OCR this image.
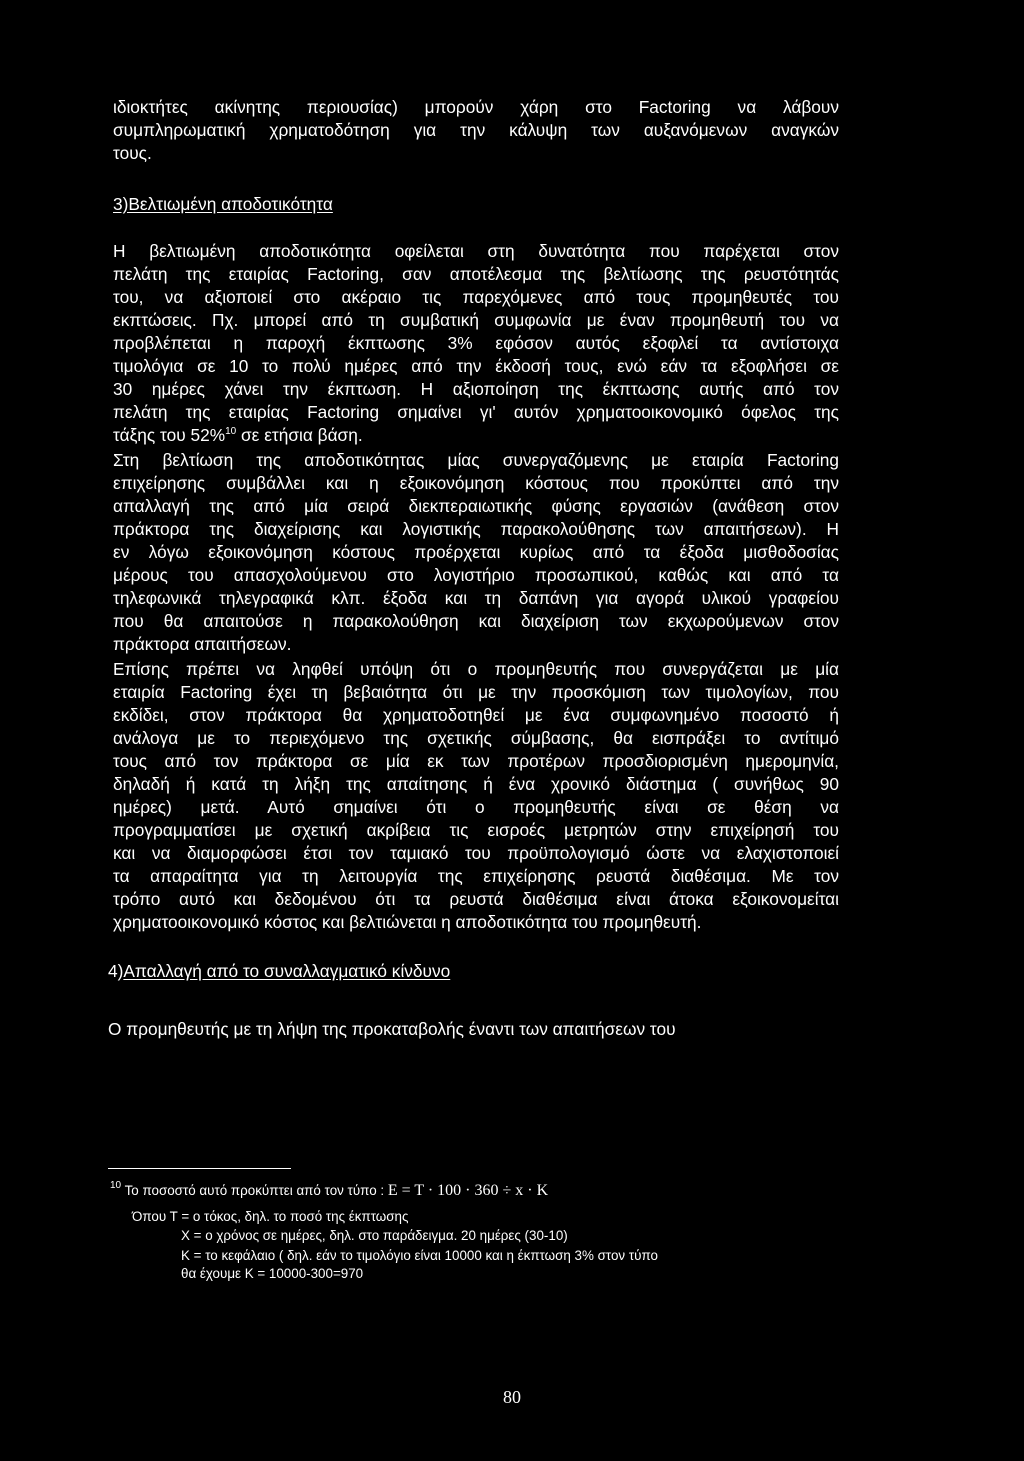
ιδιοκτήτες ακίνητης περιουσίας) μπορούν χάρη στο Factoring να λάβουν
συμπληρωματική χρηματοδότηση για την κάλυψη των αυξανόμενων αναγκών
τους.
3)Βελτιωμένη αποδοτικότητα
Η βελτιωμένη αποδοτικότητα οφείλεται στη δυνατότητα που παρέχεται στον
πελάτη της εταιρίας Factoring, σαν αποτέλεσμα της βελτίωσης της ρευστότητάς
του, να αξιοποιεί στο ακέραιο τις παρεχόμενες από τους προμηθευτές του
εκπτώσεις. Πχ. μπορεί από τη συμβατική συμφωνία με έναν προμηθευτή του να
προβλέπεται η παροχή έκπτωσης 3% εφόσον αυτός εξοφλεί τα αντίστοιχα
τιμολόγια σε 10 το πολύ ημέρες από την έκδοσή τους, ενώ εάν τα εξοφλήσει σε
30 ημέρες χάνει την έκπτωση. Η αξιοποίηση της έκπτωσης αυτής από τον
πελάτη της εταιρίας Factoring σημαίνει γι' αυτόν χρηματοοικονομικό όφελος της
τάξης του 52%$^{10}$ σε ετήσια βάση.
Στη βελτίωση της αποδοτικότητας μίας συνεργαζόμενης με εταιρία Factoring
επιχείρησης συμβάλλει και η εξοικονόμηση κόστους που προκύπτει από την
απαλλαγή της από μία σειρά διεκπεραιωτικής φύσης εργασιών (ανάθεση στον
πράκτορα της διαχείρισης και λογιστικής παρακολούθησης των απαιτήσεων). Η
εν λόγω εξοικονόμηση κόστους προέρχεται κυρίως από τα έξοδα μισθοδοσίας
μέρους του απασχολούμενου στο λογιστήριο προσωπικού, καθώς και από τα
τηλεφωνικά τηλεγραφικά κλπ. έξοδα και τη δαπάνη για αγορά υλικού γραφείου
που θα απαιτούσε η παρακολούθηση και διαχείριση των εκχωρούμενων στον
πράκτορα απαιτήσεων.
Επίσης πρέπει να ληφθεί υπόψη ότι ο προμηθευτής που συνεργάζεται με μία
εταιρία Factoring έχει τη βεβαιότητα ότι με την προσκόμιση των τιμολογίων, που
εκδίδει, στον πράκτορα θα χρηματοδοτηθεί με ένα συμφωνημένο ποσοστό ή
ανάλογα με το περιεχόμενο της σχετικής σύμβασης, θα εισπράξει το αντίτιμό
τους από τον πράκτορα σε μία εκ των προτέρων προσδιορισμένη ημερομηνία,
δηλαδή ή κατά τη λήξη της απαίτησης ή ένα χρονικό διάστημα ( συνήθως 90
ημέρες) μετά. Αυτό σημαίνει ότι ο προμηθευτής είναι σε θέση να
προγραμματίσει με σχετική ακρίβεια τις εισροές μετρητών στην επιχείρησή του
και να διαμορφώσει έτσι τον ταμιακό του προϋπολογισμό ώστε να ελαχιστοποιεί
τα απαραίτητα για τη λειτουργία της επιχείρησης ρευστά διαθέσιμα. Με τον
τρόπο αυτό και δεδομένου ότι τα ρευστά διαθέσιμα είναι άτοκα εξοικονομείται
χρηματοοικονομικό κόστος και βελτιώνεται η αποδοτικότητα του προμηθευτή.
4)Απαλλαγή από το συναλλαγματικό κίνδυνο
Ο προμηθευτής με τη λήψη της προκαταβολής έναντι των απαιτήσεων του
$^{10}$ Το ποσοστό αυτό προκύπτει από τον τύπο : E = T · 100 · 360 ÷ x · K
Όπου Τ = ο τόκος, δηλ. το ποσό της έκπτωσης
Χ = ο χρόνος σε ημέρες, δηλ. στο παράδειγμα. 20 ημέρες (30-10)
Κ = το κεφάλαιο ( δηλ. εάν το τιμολόγιο είναι 10000 και η έκπτωση 3% στον τύπο
θα έχουμε Κ = 10000-300=970
80
